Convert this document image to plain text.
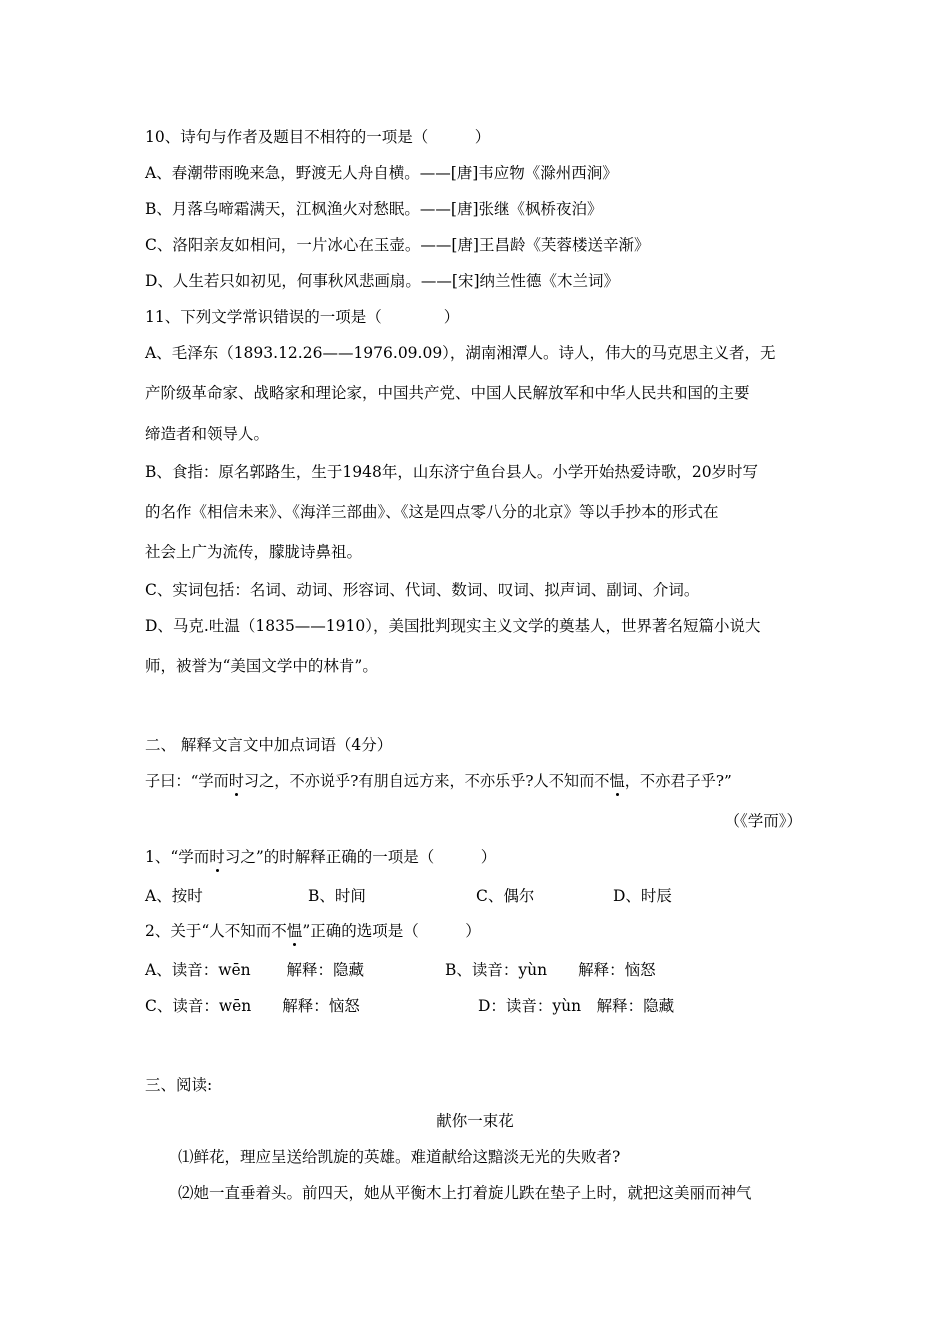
10、诗句与作者及题目不相符的一项是（　　　）
A、春潮带雨晚来急，野渡无人舟自横。——[唐]韦应物《滁州西涧》
B、月落乌啼霜满天，江枫渔火对愁眠。——[唐]张继《枫桥夜泊》
C、洛阳亲友如相问，一片冰心在玉壶。——[唐]王昌龄《芙蓉楼送辛渐》
D、人生若只如初见，何事秋风悲画扇。——[宋]纳兰性德《木兰词》
11、下列文学常识错误的一项是（　　　　）
A、毛泽东（1893.12.26——1976.09.09），湖南湘潭人。诗人，伟大的马克思主义者，无
产阶级革命家、战略家和理论家，中国共产党、中国人民解放军和中华人民共和国的主要
缔造者和领导人。
B、食指：原名郭路生，生于1948年，山东济宁鱼台县人。小学开始热爱诗歌，20岁时写
的名作《相信未来》、《海洋三部曲》、《这是四点零八分的北京》等以手抄本的形式在
社会上广为流传，朦胧诗鼻祖。
C、实词包括：名词、动词、形容词、代词、数词、叹词、拟声词、副词、介词。
D、马克.吐温（1835——1910），美国批判现实主义文学的奠基人，世界著名短篇小说大
师，被誉为“美国文学中的林肯”。
二、 解释文言文中加点词语（4分）
子曰：“学而时习之，不亦说乎?有朋自远方来，不亦乐乎?人不知而不愠，不亦君子乎?”
（《学而》）
1、“学而时习之”的时解释正确的一项是（　　　）
A、按时	B、时间	C、偶尔	D、时辰
2、关于“人不知而不愠”正确的选项是（　　　）
A、读音：wēn　　 解释：隐藏	B、读音：yùn　　解释：恼怒
C、读音：wēn　　解释：恼怒	D：读音：yùn　解释：隐藏
三、阅读:
献你一束花
⑴鲜花，理应呈送给凯旋的英雄。难道献给这黯淡无光的失败者?
⑵她一直垂着头。前四天，她从平衡木上打着旋儿跌在垫子上时，就把这美丽而神气
